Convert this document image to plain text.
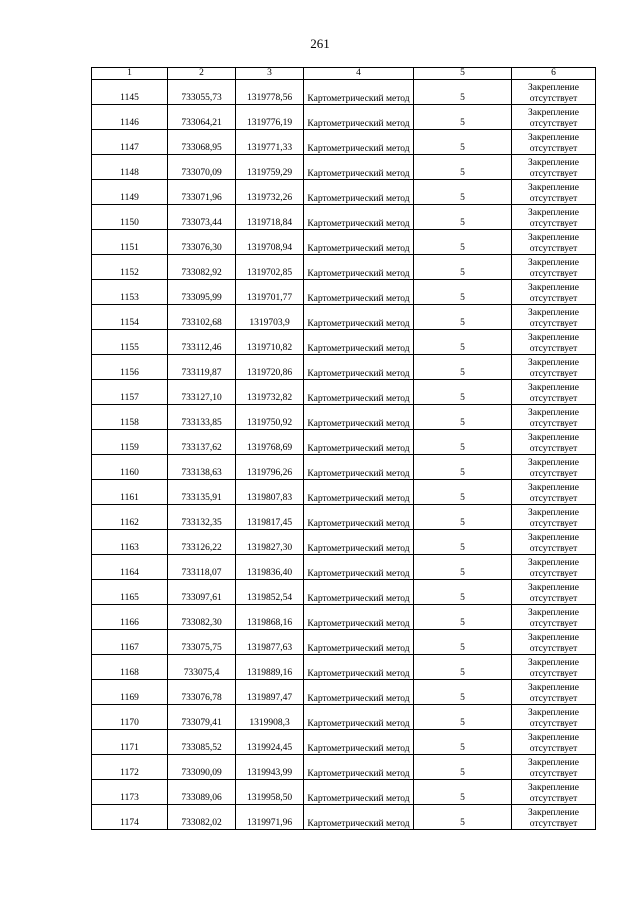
261
1	2	3	4	5	6
1145	733055,73	1319778,56	Картометрический метод	5	Закрепление отсутствует
1146	733064,21	1319776,19	Картометрический метод	5	Закрепление отсутствует
1147	733068,95	1319771,33	Картометрический метод	5	Закрепление отсутствует
1148	733070,09	1319759,29	Картометрический метод	5	Закрепление отсутствует
1149	733071,96	1319732,26	Картометрический метод	5	Закрепление отсутствует
1150	733073,44	1319718,84	Картометрический метод	5	Закрепление отсутствует
1151	733076,30	1319708,94	Картометрический метод	5	Закрепление отсутствует
1152	733082,92	1319702,85	Картометрический метод	5	Закрепление отсутствует
1153	733095,99	1319701,77	Картометрический метод	5	Закрепление отсутствует
1154	733102,68	1319703,9	Картометрический метод	5	Закрепление отсутствует
1155	733112,46	1319710,82	Картометрический метод	5	Закрепление отсутствует
1156	733119,87	1319720,86	Картометрический метод	5	Закрепление отсутствует
1157	733127,10	1319732,82	Картометрический метод	5	Закрепление отсутствует
1158	733133,85	1319750,92	Картометрический метод	5	Закрепление отсутствует
1159	733137,62	1319768,69	Картометрический метод	5	Закрепление отсутствует
1160	733138,63	1319796,26	Картометрический метод	5	Закрепление отсутствует
1161	733135,91	1319807,83	Картометрический метод	5	Закрепление отсутствует
1162	733132,35	1319817,45	Картометрический метод	5	Закрепление отсутствует
1163	733126,22	1319827,30	Картометрический метод	5	Закрепление отсутствует
1164	733118,07	1319836,40	Картометрический метод	5	Закрепление отсутствует
1165	733097,61	1319852,54	Картометрический метод	5	Закрепление отсутствует
1166	733082,30	1319868,16	Картометрический метод	5	Закрепление отсутствует
1167	733075,75	1319877,63	Картометрический метод	5	Закрепление отсутствует
1168	733075,4	1319889,16	Картометрический метод	5	Закрепление отсутствует
1169	733076,78	1319897,47	Картометрический метод	5	Закрепление отсутствует
1170	733079,41	1319908,3	Картометрический метод	5	Закрепление отсутствует
1171	733085,52	1319924,45	Картометрический метод	5	Закрепление отсутствует
1172	733090,09	1319943,99	Картометрический метод	5	Закрепление отсутствует
1173	733089,06	1319958,50	Картометрический метод	5	Закрепление отсутствует
1174	733082,02	1319971,96	Картометрический метод	5	Закрепление отсутствует
